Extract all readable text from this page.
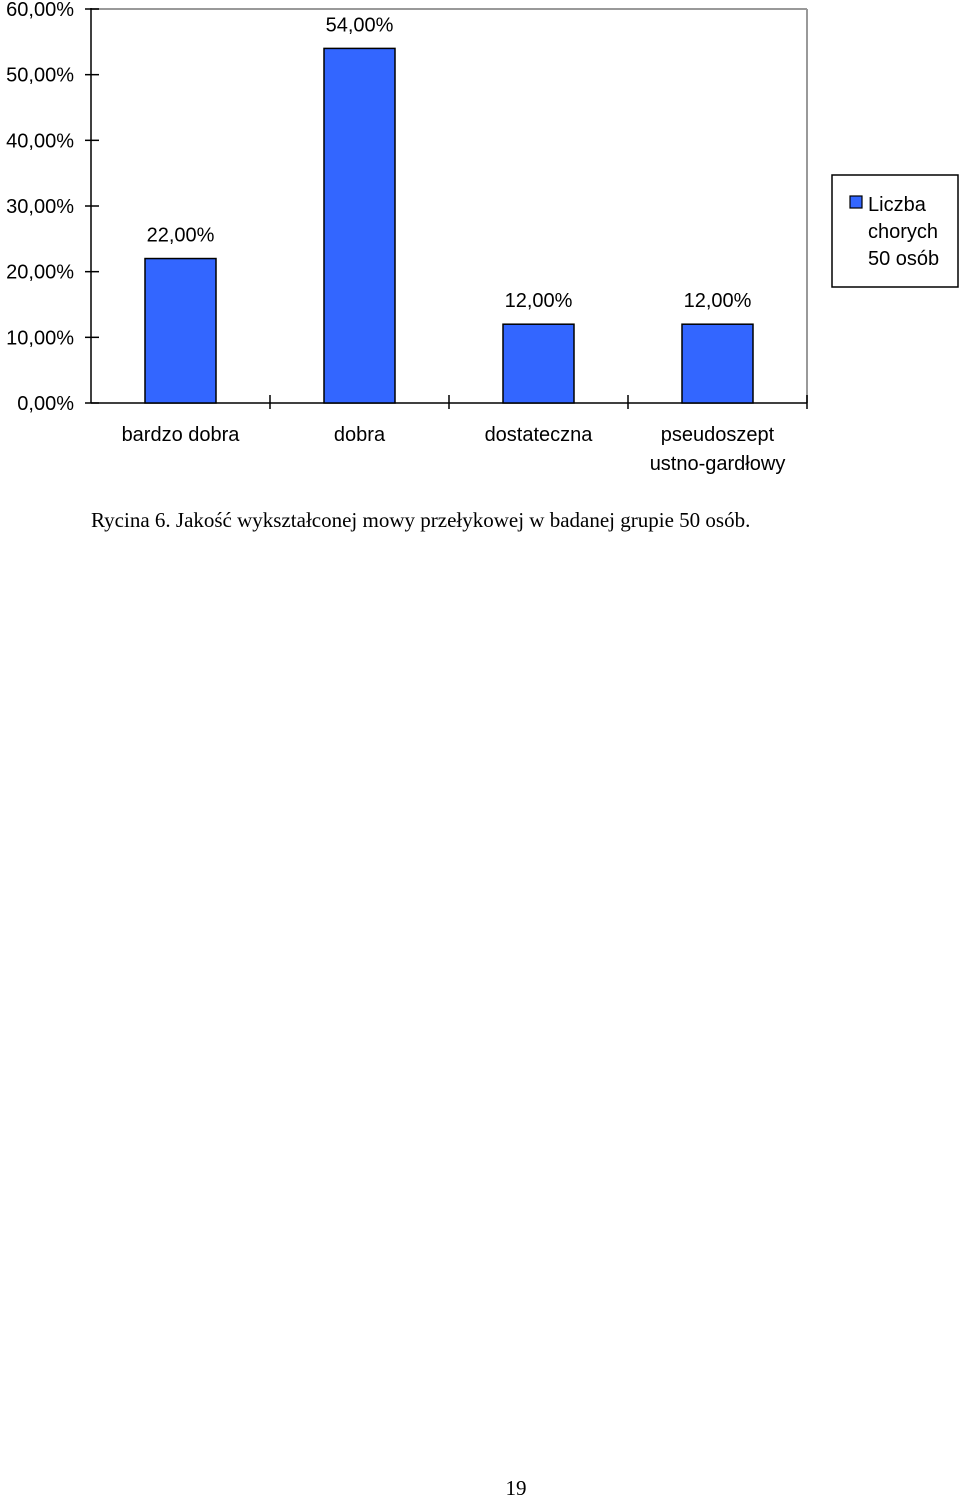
0,00%
10,00%
20,00%
30,00%
40,00%
50,00%
60,00%
bardzo dobra	dobra	dostateczna	pseudoszept
ustno-gardłowy
22,00%
54,00%
12,00%	12,00%
Liczba
chorych
50 osób
Rycina 6. Jakość wykształconej mowy przełykowej w badanej grupie 50 osób.
19
